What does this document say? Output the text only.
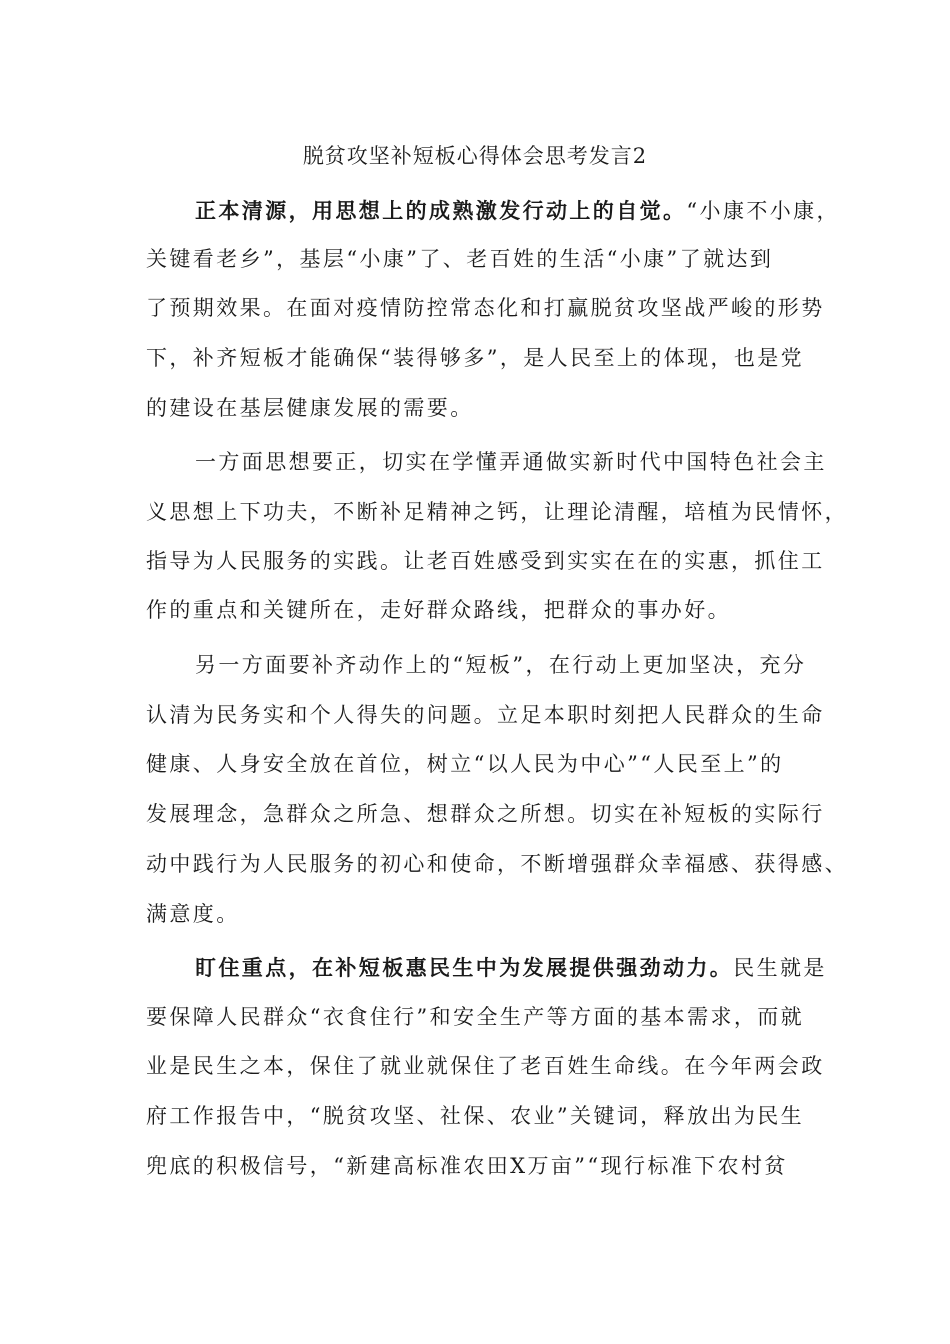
脱贫攻坚补短板心得体会思考发言2
正本清源，用思想上的成熟激发行动上的自觉。“小康不小康，
关键看老乡”，基层“小康”了、老百姓的生活“小康”了就达到
了预期效果。在面对疫情防控常态化和打赢脱贫攻坚战严峻的形势
下，补齐短板才能确保“装得够多”，是人民至上的体现，也是党
的建设在基层健康发展的需要。
一方面思想要正，切实在学懂弄通做实新时代中国特色社会主
义思想上下功夫，不断补足精神之钙，让理论清醒，培植为民情怀，
指导为人民服务的实践。让老百姓感受到实实在在的实惠，抓住工
作的重点和关键所在，走好群众路线，把群众的事办好。
另一方面要补齐动作上的“短板”，在行动上更加坚决，充分
认清为民务实和个人得失的问题。立足本职时刻把人民群众的生命
健康、人身安全放在首位，树立“以人民为中心”“人民至上”的
发展理念，急群众之所急、想群众之所想。切实在补短板的实际行
动中践行为人民服务的初心和使命，不断增强群众幸福感、获得感、
满意度。
盯住重点，在补短板惠民生中为发展提供强劲动力。民生就是
要保障人民群众“衣食住行”和安全生产等方面的基本需求，而就
业是民生之本，保住了就业就保住了老百姓生命线。在今年两会政
府工作报告中，“脱贫攻坚、社保、农业”关键词，释放出为民生
兜底的积极信号，“新建高标准农田X万亩”“现行标准下农村贫
